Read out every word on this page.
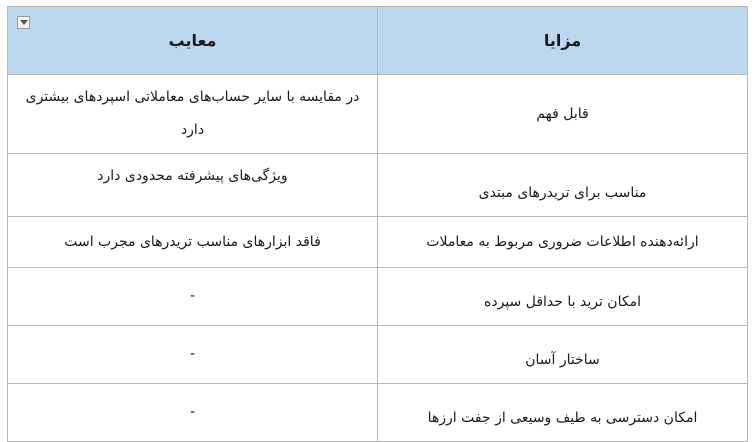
مزایا	معایب
قابل فهم	در مقایسه با سایر حساب‌های معاملاتی اسپردهای بیشتری دارد
مناسب برای تریدرهای مبتدی	ویژگی‌های پیشرفته محدودی دارد
ارائه‌دهنده اطلاعات ضروری مربوط به معاملات	فاقد ابزارهای مناسب تریدرهای مجرب است
امکان ترید با حداقل سپرده	-
ساختار آسان	-
امکان دسترسی به طیف وسیعی از جفت ارزها	-
